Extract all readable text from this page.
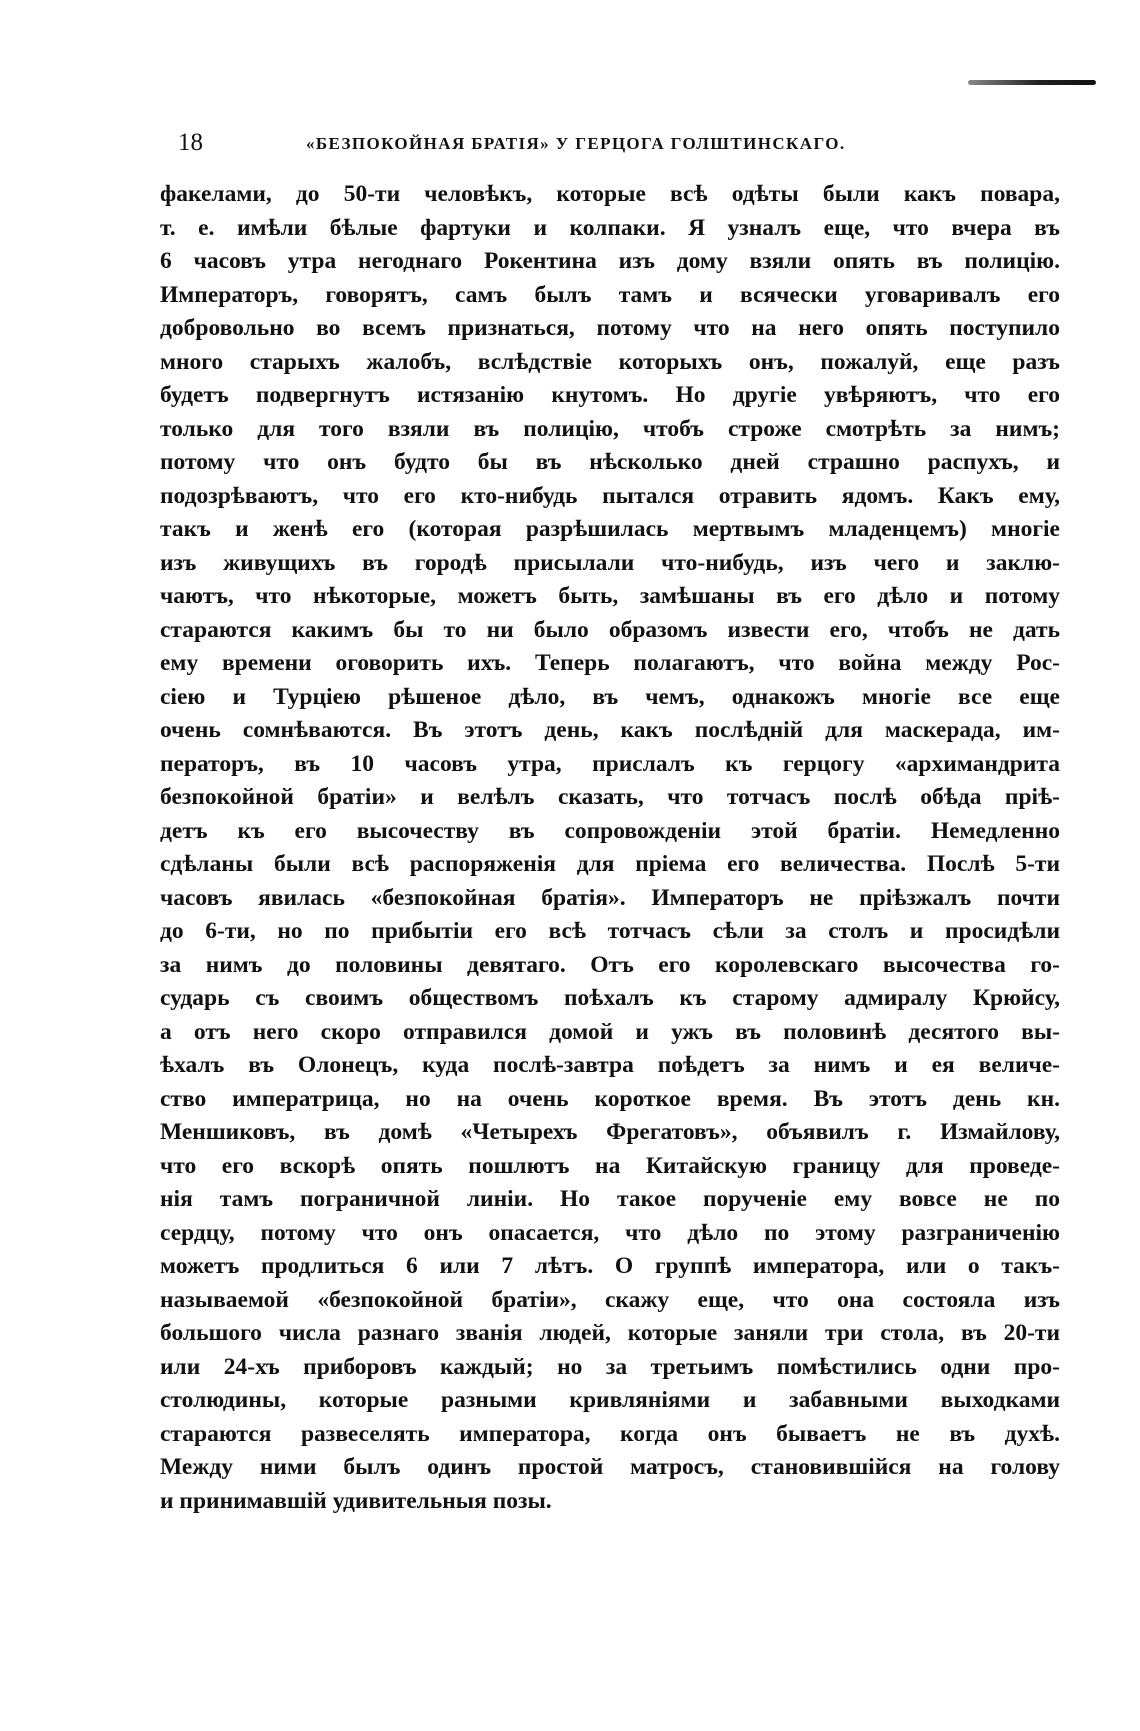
18	«БЕЗПОКОЙНАЯ БРАТІЯ» У ГЕРЦОГА ГОЛШТИНСКАГО.
факелами, до 50-ти человѣкъ, которые всѣ одѣты были какъ повара,
т. е. имѣли бѣлые фартуки и колпаки. Я узналъ еще, что вчера въ
6 часовъ утра негоднаго Рокентина изъ дому взяли опять въ полицію.
Императоръ, говорятъ, самъ былъ тамъ и всячески уговаривалъ его
добровольно во всемъ признаться, потому что на него опять поступило
много старыхъ жалобъ, вслѣдствіе которыхъ онъ, пожалуй, еще разъ
будетъ подвергнутъ истязанію кнутомъ. Но другіе увѣряютъ, что его
только для того взяли въ полицію, чтобъ строже смотрѣть за нимъ;
потому что онъ будто бы въ нѣсколько дней страшно распухъ, и
подозрѣваютъ, что его кто-нибудь пытался отравить ядомъ. Какъ ему,
такъ и женѣ его (которая разрѣшилась мертвымъ младенцемъ) многіе
изъ живущихъ въ городѣ присылали что-нибудь, изъ чего и заклю-
чаютъ, что нѣкоторые, можетъ быть, замѣшаны въ его дѣло и потому
стараются какимъ бы то ни было образомъ извести его, чтобъ не дать
ему времени оговорить ихъ. Теперь полагаютъ, что война между Рос-
сіею и Турціею рѣшеное дѣло, въ чемъ, однакожъ многіе все еще
очень сомнѣваются. Въ этотъ день, какъ послѣдній для маскерада, им-
ператоръ, въ 10 часовъ утра, прислалъ къ герцогу «архимандрита
безпокойной братіи» и велѣлъ сказать, что тотчасъ послѣ обѣда пріѣ-
детъ къ его высочеству въ сопровожденіи этой братіи. Немедленно
сдѣланы были всѣ распоряженія для пріема его величества. Послѣ 5-ти
часовъ явилась «безпокойная братія». Императоръ не пріѣзжалъ почти
до 6-ти, но по прибытіи его всѣ тотчасъ сѣли за столъ и просидѣли
за нимъ до половины девятаго. Отъ его королевскаго высочества го-
сударь съ своимъ обществомъ поѣхалъ къ старому адмиралу Крюйсу,
а отъ него скоро отправился домой и ужъ въ половинѣ десятого вы-
ѣхалъ въ Олонецъ, куда послѣ-завтра поѣдетъ за нимъ и ея величе-
ство императрица, но на очень короткое время. Въ этотъ день кн.
Меншиковъ, въ домѣ «Четырехъ Фрегатовъ», объявилъ г. Измайлову,
что его вскорѣ опять пошлютъ на Китайскую границу для проведе-
нія тамъ пограничной линіи. Но такое порученіе ему вовсе не по
сердцу, потому что онъ опасается, что дѣло по этому разграниченію
можетъ продлиться 6 или 7 лѣтъ. О группѣ императора, или о такъ-
называемой «безпокойной братіи», скажу еще, что она состояла изъ
большого числа разнаго званія людей, которые заняли три стола, въ 20-ти
или 24-хъ приборовъ каждый; но за третьимъ помѣстились одни про-
столюдины, которые разными кривляніями и забавными выходками
стараются развеселять императора, когда онъ бываетъ не въ духѣ.
Между ними былъ одинъ простой матросъ, становившійся на голову
и принимавшій удивительныя позы.
